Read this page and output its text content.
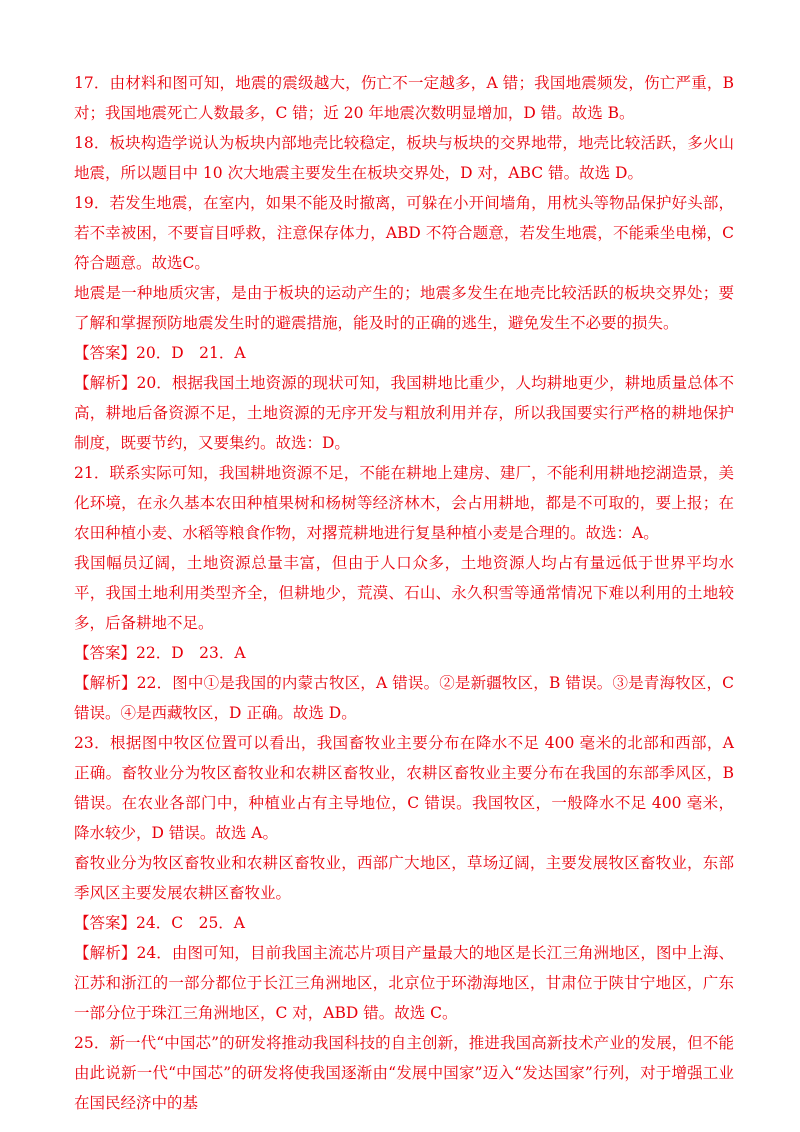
17．由材料和图可知，地震的震级越大，伤亡不一定越多，A 错；我国地震频发，伤亡严重，B 对；我国地震死亡人数最多，C 错；近 20 年地震次数明显增加，D 错。故选 B。

18．板块构造学说认为板块内部地壳比较稳定，板块与板块的交界地带，地壳比较活跃，多火山地震，所以题目中 10 次大地震主要发生在板块交界处，D 对，ABC 错。故选 D。

19．若发生地震，在室内，如果不能及时撤离，可躲在小开间墙角，用枕头等物品保护好头部，若不幸被困，不要盲目呼救，注意保存体力，ABD 不符合题意，若发生地震，不能乘坐电梯，C 符合题意。故选C。

地震是一种地质灾害，是由于板块的运动产生的；地震多发生在地壳比较活跃的板块交界处；要了解和掌握预防地震发生时的避震措施，能及时的正确的逃生，避免发生不必要的损失。

【答案】20．D　21．A

【解析】20．根据我国土地资源的现状可知，我国耕地比重少，人均耕地更少，耕地质量总体不高，耕地后备资源不足，土地资源的无序开发与粗放利用并存，所以我国要实行严格的耕地保护制度，既要节约，又要集约。故选：D。

21．联系实际可知，我国耕地资源不足，不能在耕地上建房、建厂，不能利用耕地挖湖造景，美化环境，在永久基本农田种植果树和杨树等经济林木，会占用耕地，都是不可取的，要上报；在农田种植小麦、水稻等粮食作物，对撂荒耕地进行复垦种植小麦是合理的。故选：A。

我国幅员辽阔，土地资源总量丰富，但由于人口众多，土地资源人均占有量远低于世界平均水平，我国土地利用类型齐全，但耕地少，荒漠、石山、永久积雪等通常情况下难以利用的土地较多，后备耕地不足。

【答案】22．D　23．A

【解析】22．图中①是我国的内蒙古牧区，A 错误。②是新疆牧区，B 错误。③是青海牧区，C 错误。④是西藏牧区，D 正确。故选 D。

23．根据图中牧区位置可以看出，我国畜牧业主要分布在降水不足 400 毫米的北部和西部，A 正确。畜牧业分为牧区畜牧业和农耕区畜牧业，农耕区畜牧业主要分布在我国的东部季风区，B 错误。在农业各部门中，种植业占有主导地位，C 错误。我国牧区，一般降水不足 400 毫米，降水较少，D 错误。故选 A。

畜牧业分为牧区畜牧业和农耕区畜牧业，西部广大地区，草场辽阔，主要发展牧区畜牧业，东部季风区主要发展农耕区畜牧业。

【答案】24．C　25．A

【解析】24．由图可知，目前我国主流芯片项目产量最大的地区是长江三角洲地区，图中上海、江苏和浙江的一部分都位于长江三角洲地区，北京位于环渤海地区，甘肃位于陕甘宁地区，广东一部分位于珠江三角洲地区，C 对，ABD 错。故选 C。

25．新一代“中国芯”的研发将推动我国科技的自主创新，推进我国高新技术产业的发展，但不能由此说新一代“中国芯”的研发将使我国逐渐由“发展中国家”迈入“发达国家”行列，对于增强工业在国民经济中的基
